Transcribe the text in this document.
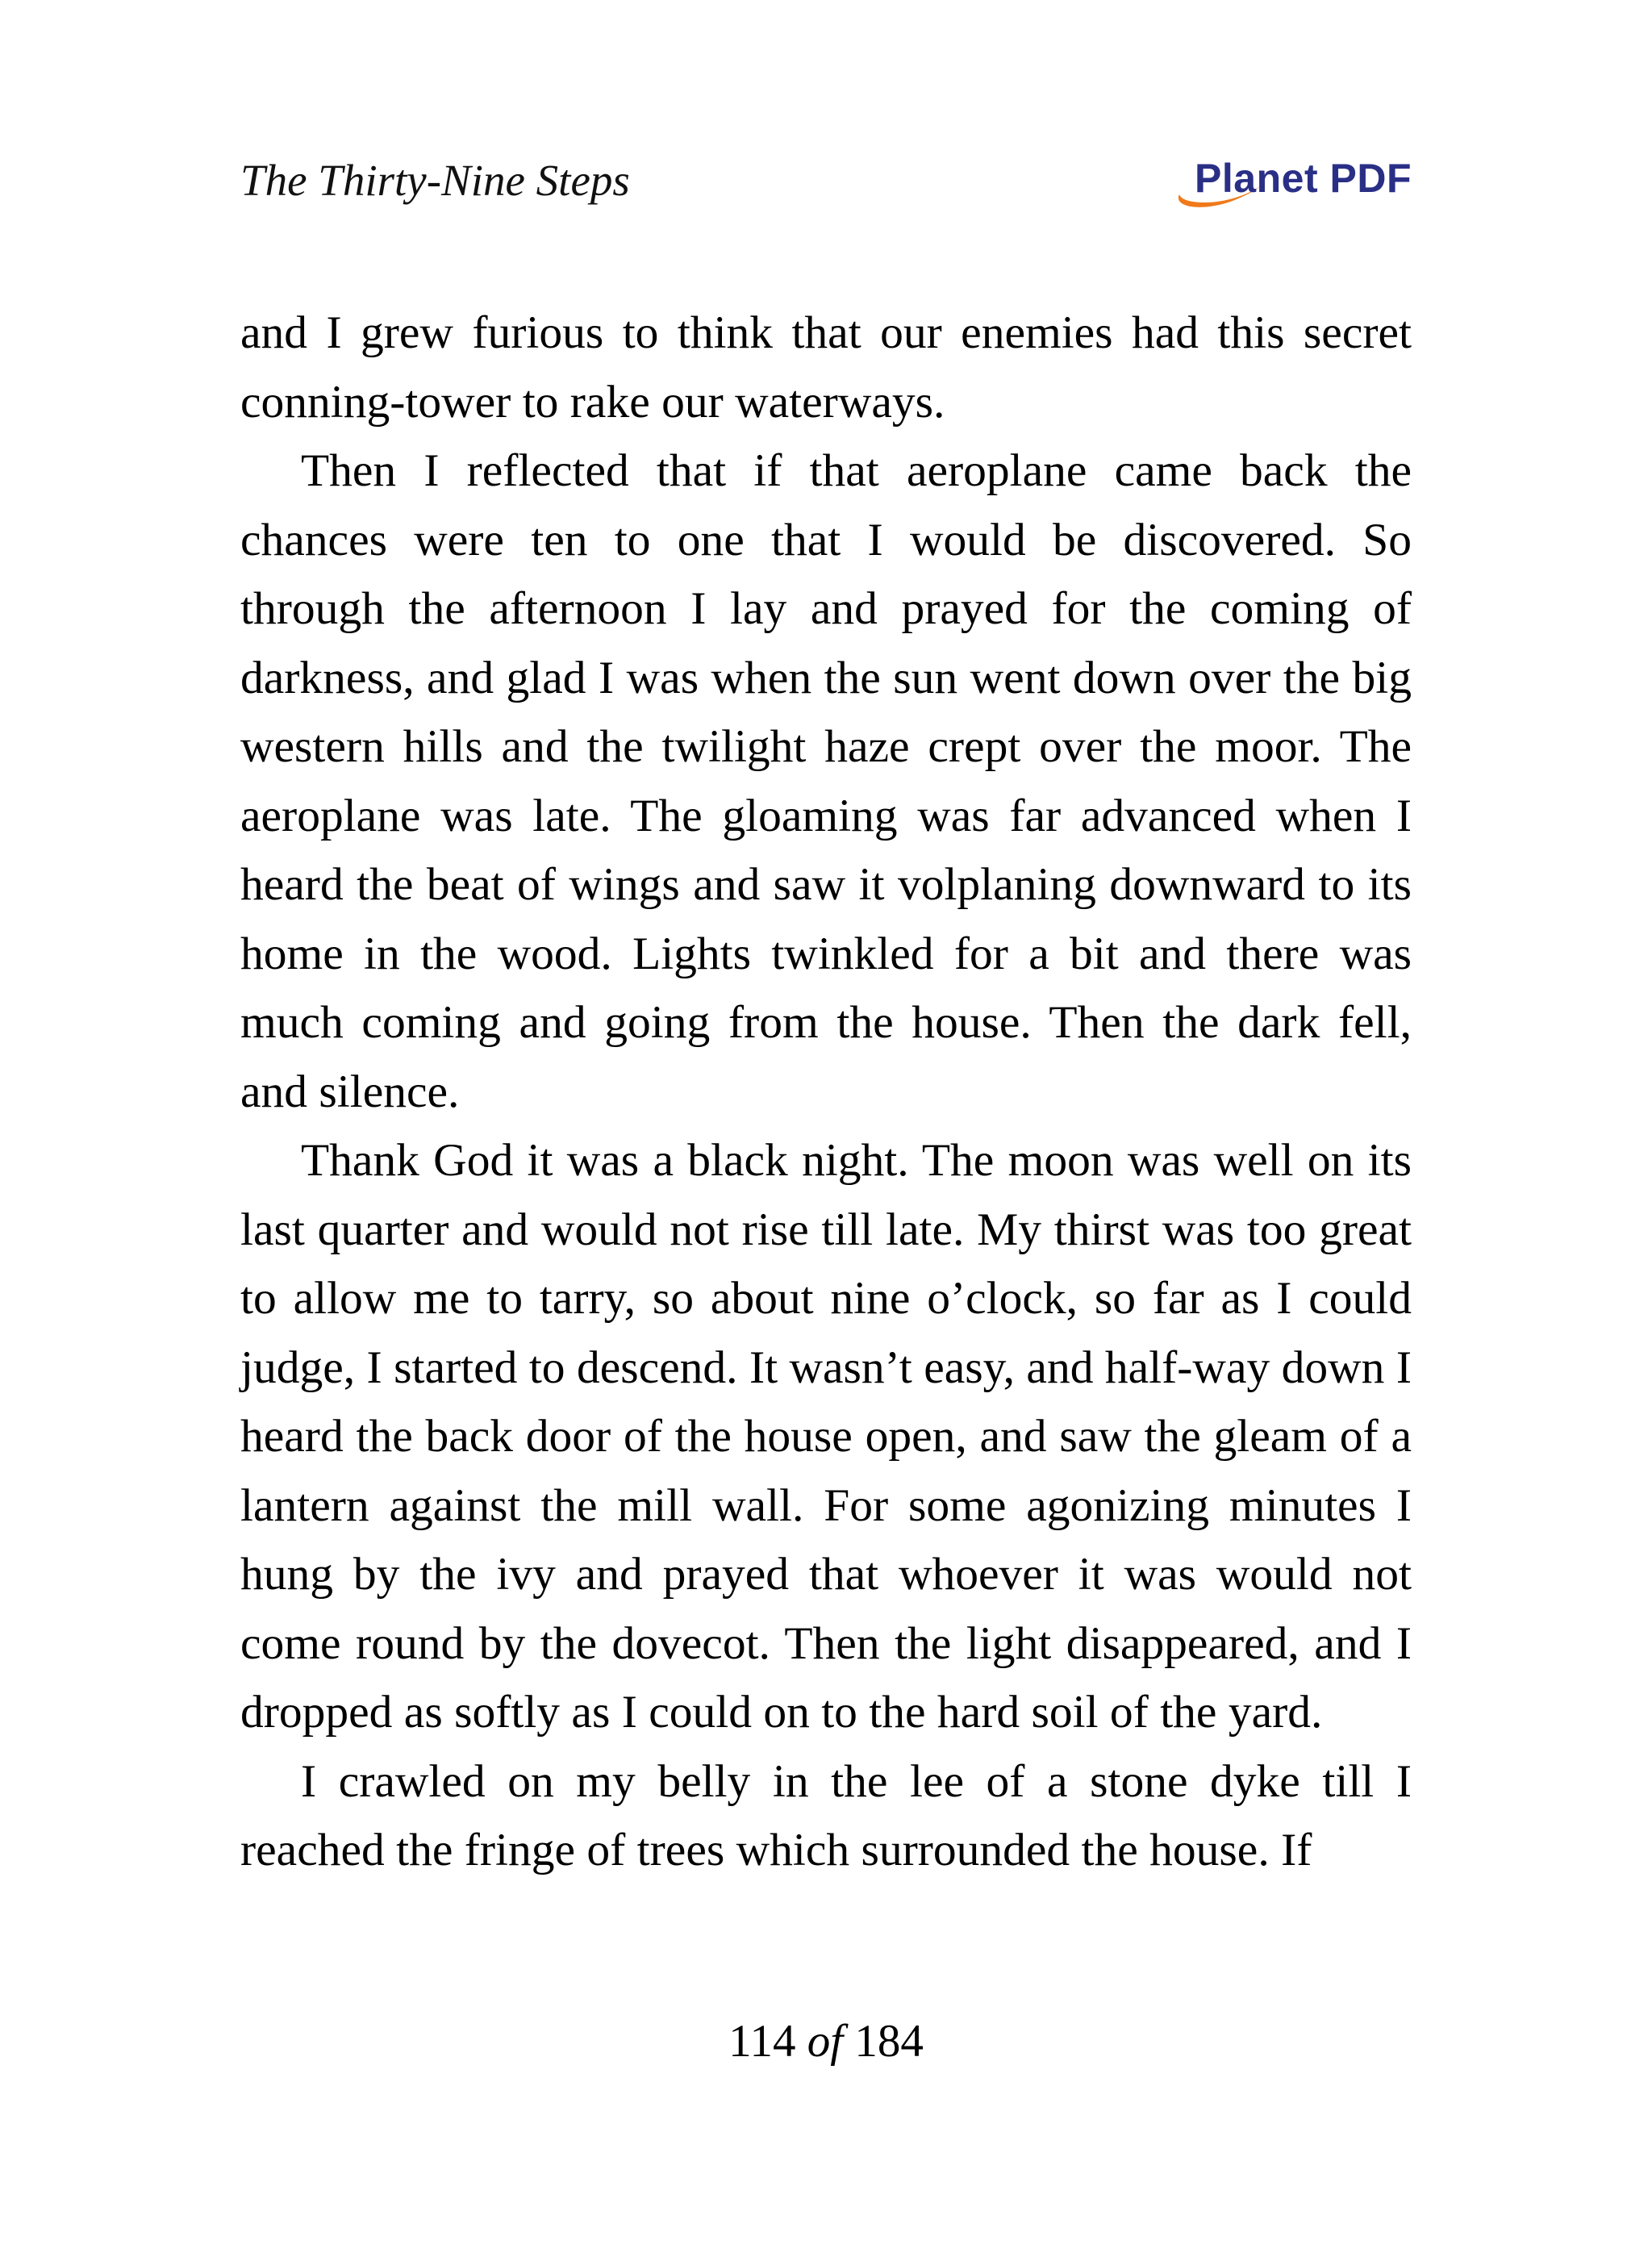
The Thirty-Nine Steps	Planet PDF

and I grew furious to think that our enemies had this secret conning-tower to rake our waterways.

Then I reflected that if that aeroplane came back the chances were ten to one that I would be discovered. So through the afternoon I lay and prayed for the coming of darkness, and glad I was when the sun went down over the big western hills and the twilight haze crept over the moor. The aeroplane was late. The gloaming was far advanced when I heard the beat of wings and saw it volplaning downward to its home in the wood. Lights twinkled for a bit and there was much coming and going from the house. Then the dark fell, and silence.

Thank God it was a black night. The moon was well on its last quarter and would not rise till late. My thirst was too great to allow me to tarry, so about nine o’clock, so far as I could judge, I started to descend. It wasn’t easy, and half-way down I heard the back door of the house open, and saw the gleam of a lantern against the mill wall. For some agonizing minutes I hung by the ivy and prayed that whoever it was would not come round by the dovecot. Then the light disappeared, and I dropped as softly as I could on to the hard soil of the yard.

I crawled on my belly in the lee of a stone dyke till I reached the fringe of trees which surrounded the house. If

114 of 184
